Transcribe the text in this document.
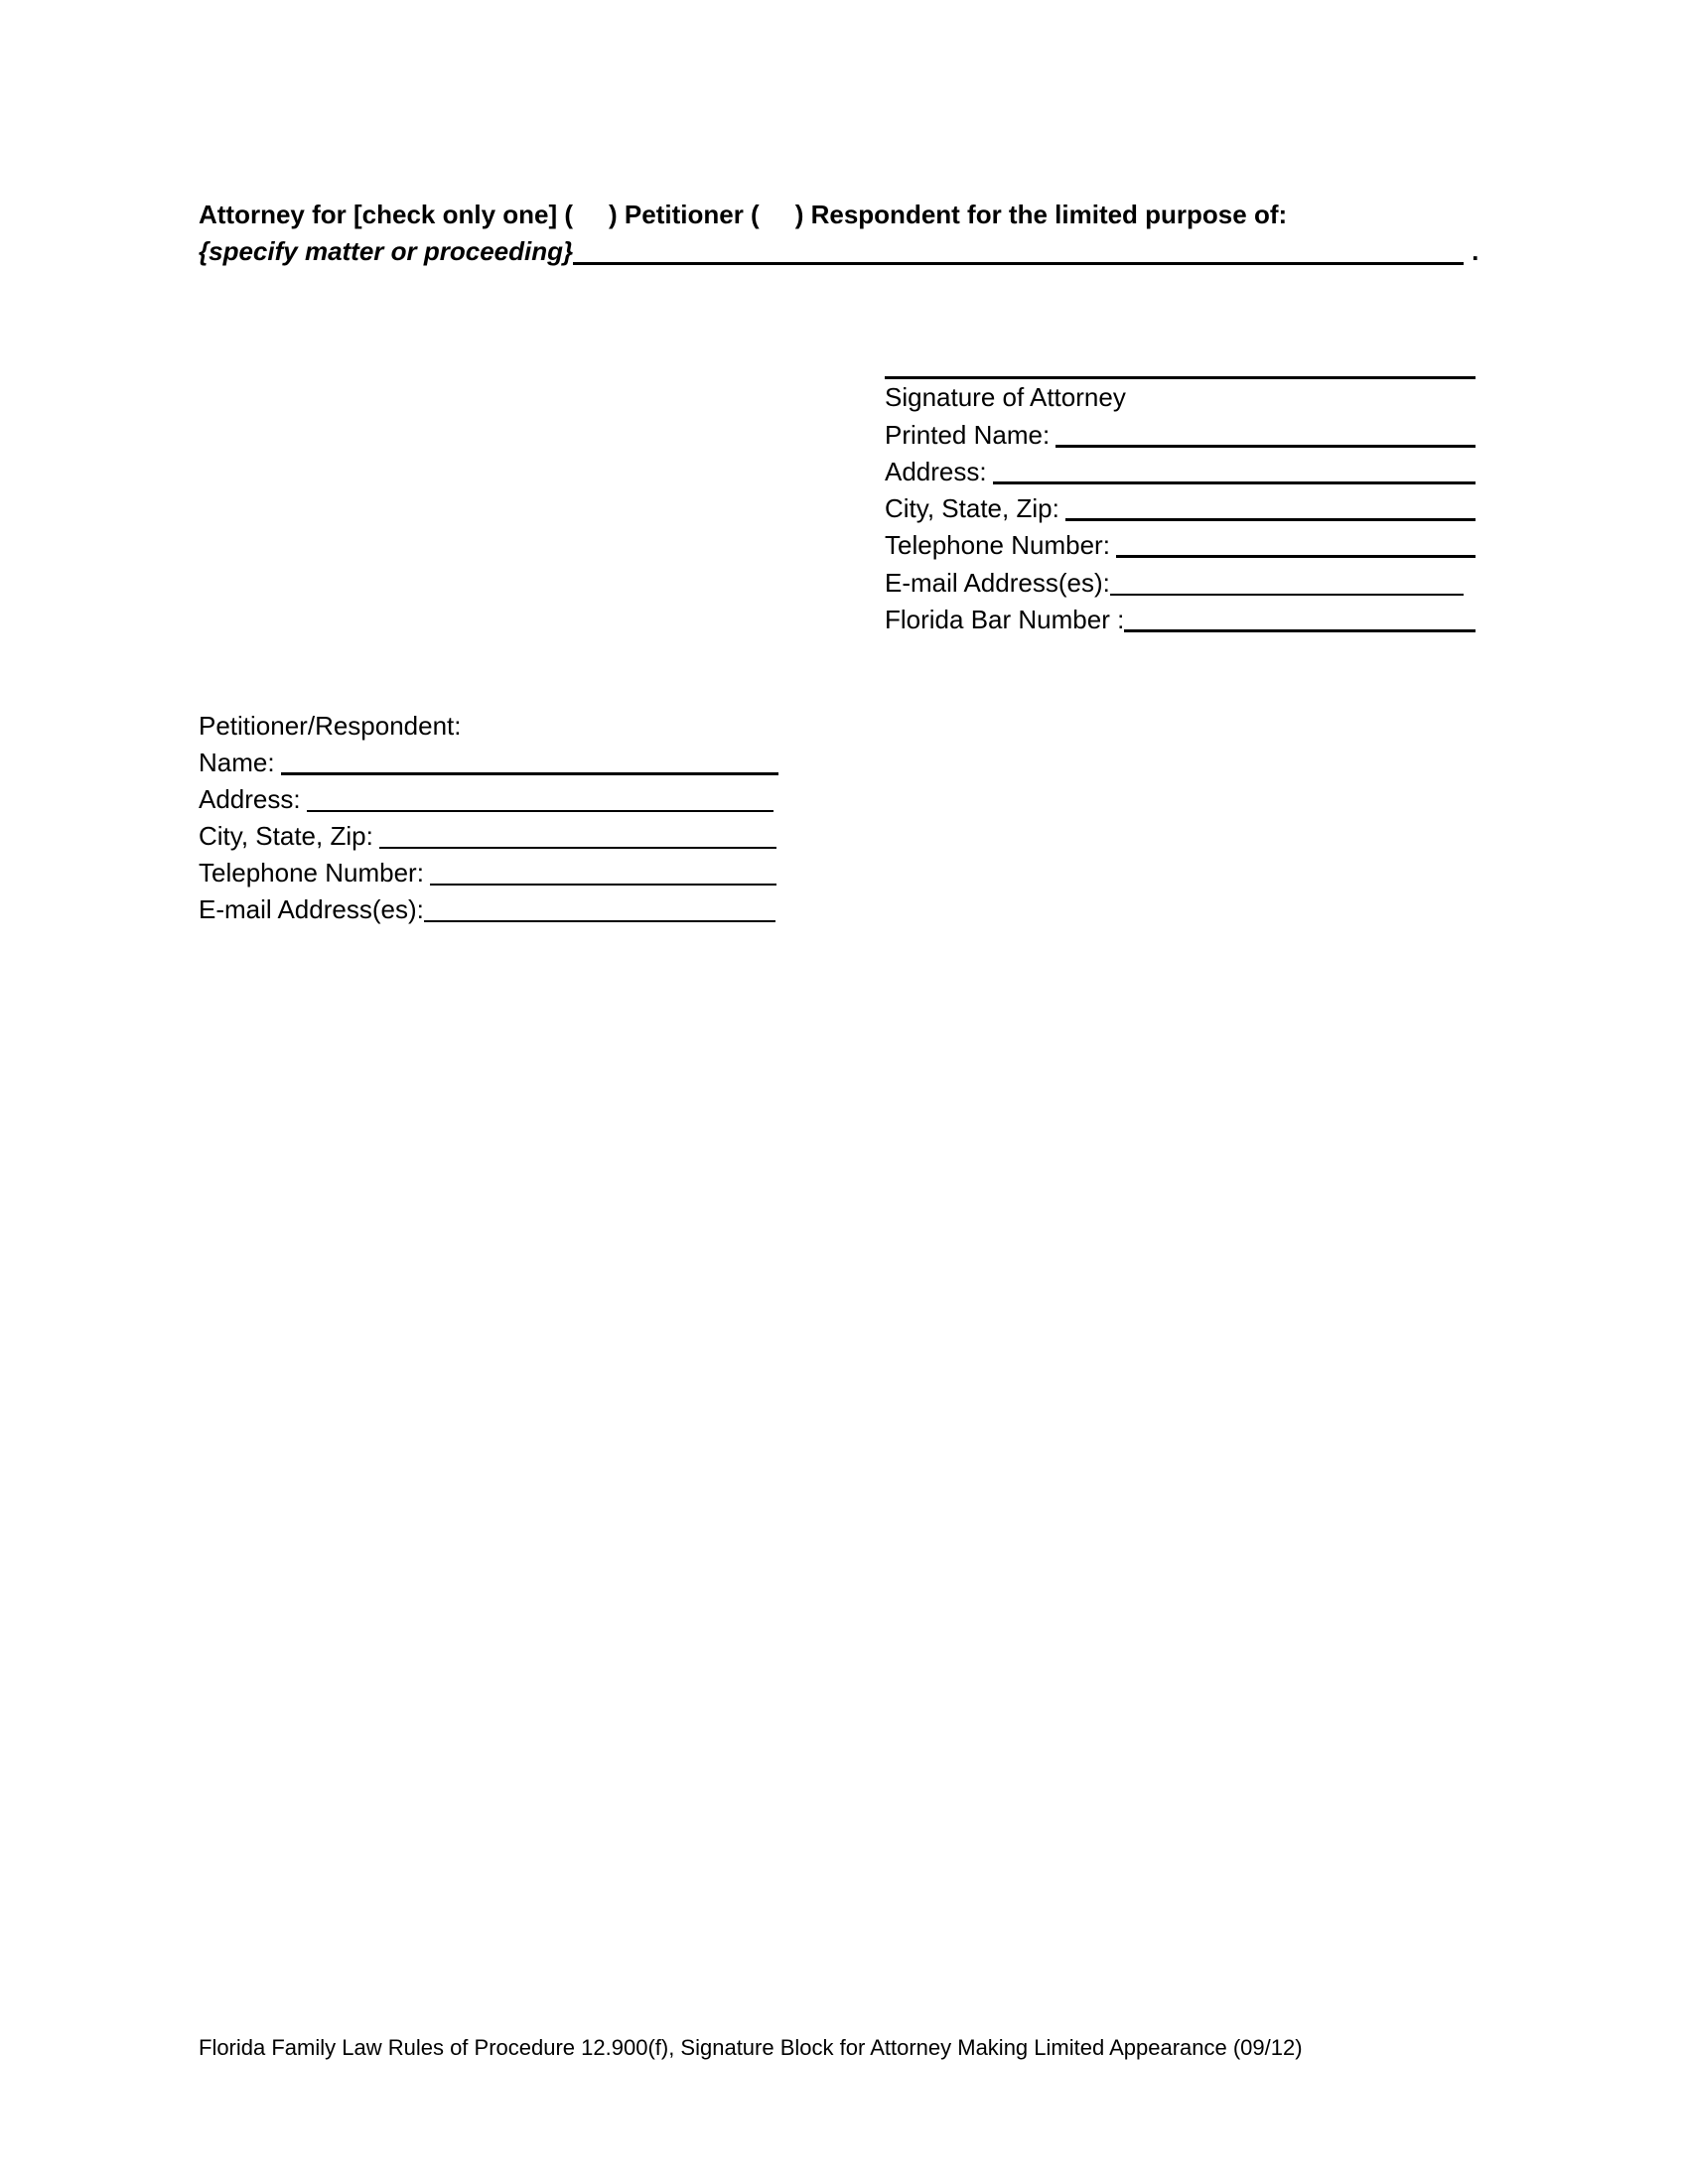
Attorney for [check only one] ( ) Petitioner ( ) Respondent for the limited purpose of:
{specify matter or proceeding}	.
Signature of Attorney
Printed Name:
Address:
City, State, Zip:
Telephone Number:
E-mail Address(es):
Florida Bar Number :
Petitioner/Respondent:
Name:
Address:
City, State, Zip:
Telephone Number:
E-mail Address(es):
Florida Family Law Rules of Procedure 12.900(f), Signature Block for Attorney Making Limited Appearance (09/12)
